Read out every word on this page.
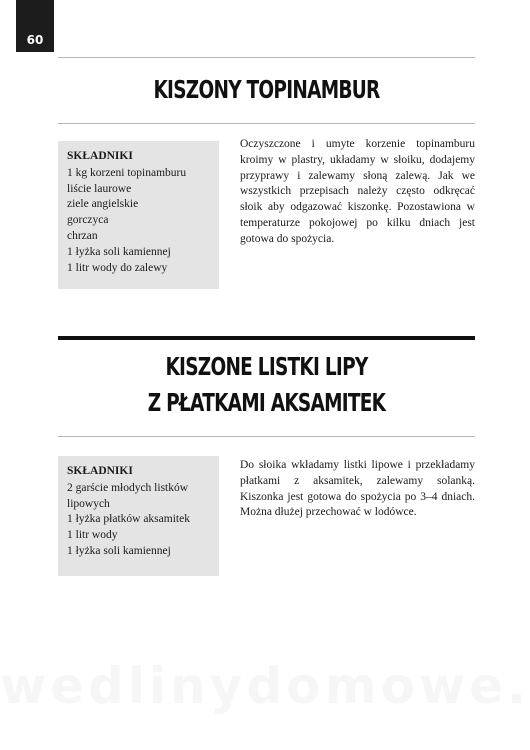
60
KISZONY TOPINAMBUR
SKŁADNIKI
1 kg korzeni topinamburu
liście laurowe
ziele angielskie
gorczyca
chrzan
1 łyżka soli kamiennej
1 litr wody do zalewy
Oczyszczone i umyte korzenie topinamburu kroimy w plastry, układamy w słoiku, dodajemy przyprawy i zalewamy słoną zalewą. Jak we wszystkich przepisach należy często odkręcać słoik aby odgazować kiszonkę. Pozostawiona w temperaturze pokojowej po kilku dniach jest gotowa do spożycia.
KISZONE LISTKI LIPY
Z PŁATKAMI AKSAMITEK
SKŁADNIKI
2 garście młodych listków lipowych
1 łyżka płatków aksamitek
1 litr wody
1 łyżka soli kamiennej
Do słoika wkładamy listki lipowe i przekładamy płatkami z aksamitek, zalewamy solanką. Kiszonka jest gotowa do spożycia po 3–4 dniach. Można dłużej przechować w lodówce.
